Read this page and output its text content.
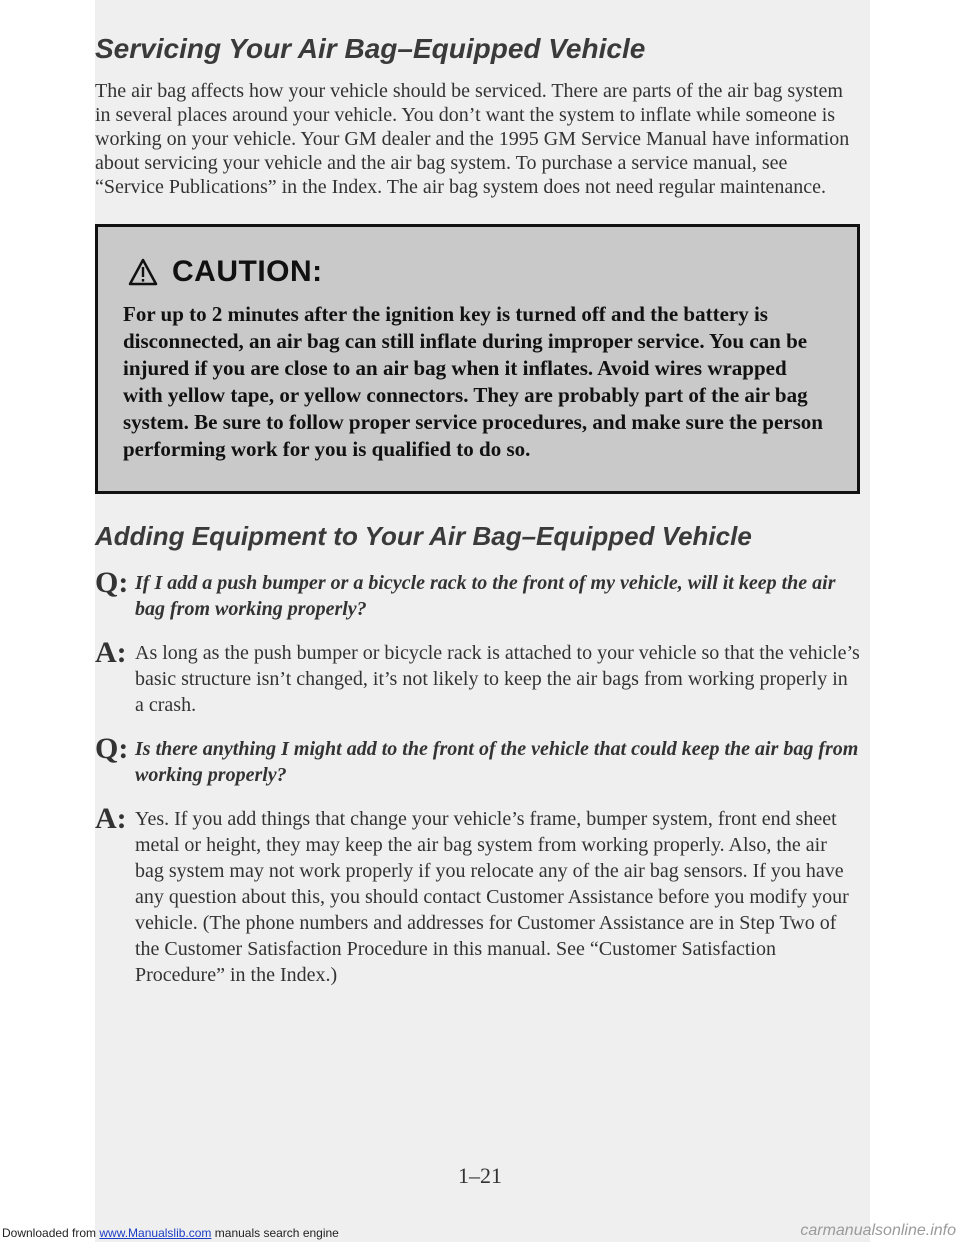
Servicing Your Air Bag–Equipped Vehicle

The air bag affects how your vehicle should be serviced. There are parts of the air bag system in several places around your vehicle. You don’t want the system to inflate while someone is working on your vehicle. Your GM dealer and the 1995 GM Service Manual have information about servicing your vehicle and the air bag system. To purchase a service manual, see “Service Publications” in the Index. The air bag system does not need regular maintenance.

CAUTION:

For up to 2 minutes after the ignition key is turned off and the battery is disconnected, an air bag can still inflate during improper service. You can be injured if you are close to an air bag when it inflates. Avoid wires wrapped with yellow tape, or yellow connectors. They are probably part of the air bag system. Be sure to follow proper service procedures, and make sure the person performing work for you is qualified to do so.

Adding Equipment to Your Air Bag–Equipped Vehicle
Q: If I add a push bumper or a bicycle rack to the front of my vehicle, will it keep the air bag from working properly?

A: As long as the push bumper or bicycle rack is attached to your vehicle so that the vehicle’s basic structure isn’t changed, it’s not likely to keep the air bags from working properly in a crash.

Q: Is there anything I might add to the front of the vehicle that could keep the air bag from working properly?

A: Yes. If you add things that change your vehicle’s frame, bumper system, front end sheet metal or height, they may keep the air bag system from working properly. Also, the air bag system may not work properly if you relocate any of the air bag sensors. If you have any question about this, you should contact Customer Assistance before you modify your vehicle. (The phone numbers and addresses for Customer Assistance are in Step Two of the Customer Satisfaction Procedure in this manual. See “Customer Satisfaction Procedure” in the Index.)

1–21
Downloaded from www.Manualslib.com manuals search engine	carmanualsonline.info
